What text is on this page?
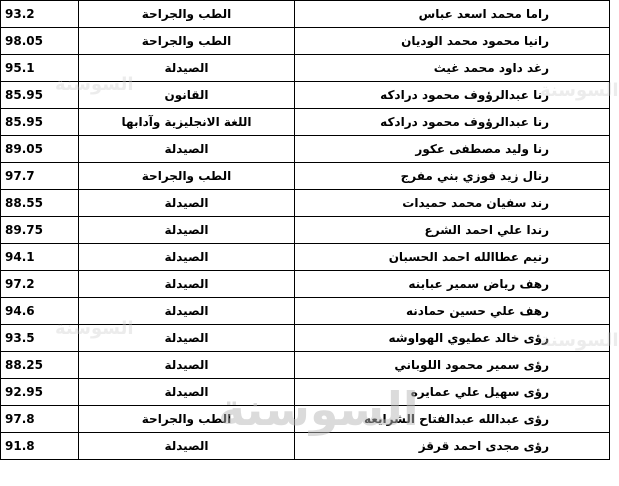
93.2	الطب والجراحة	راما محمد اسعد عباس
98.05	الطب والجراحة	رانيا محمود محمد الوديان
95.1	الصيدلة	رغد داود محمد غيث
85.95	القانون	رنا عبدالرؤوف محمود درادكه
85.95	اللغة الانجليزية وآدابها	رنا عبدالرؤوف محمود درادكه
89.05	الصيدلة	رنا وليد مصطفى عكور
97.7	الطب والجراحة	رنال زيد فوزي بني مفرج
88.55	الصيدلة	رند سفيان محمد حميدات
89.75	الصيدلة	رندا علي احمد الشرع
94.1	الصيدلة	رنيم عطاالله احمد الحسبان
97.2	الصيدلة	رهف رياض سمير عبابنه
94.6	الصيدلة	رهف علي حسين حمادنه
93.5	الصيدلة	رؤى خالد عطيوي الهواوشه
88.25	الصيدلة	رؤى سمير محمود اللوباني
92.95	الصيدلة	رؤى سهيل علي عمايره
97.8	الطب والجراحة	رؤى عبدالله عبدالفتاح الشرايعه
91.8	الصيدلة	رؤى مجدى احمد قرقز
السوسنة
السوسنة	السوسنة
السوسنة
السوسنة
